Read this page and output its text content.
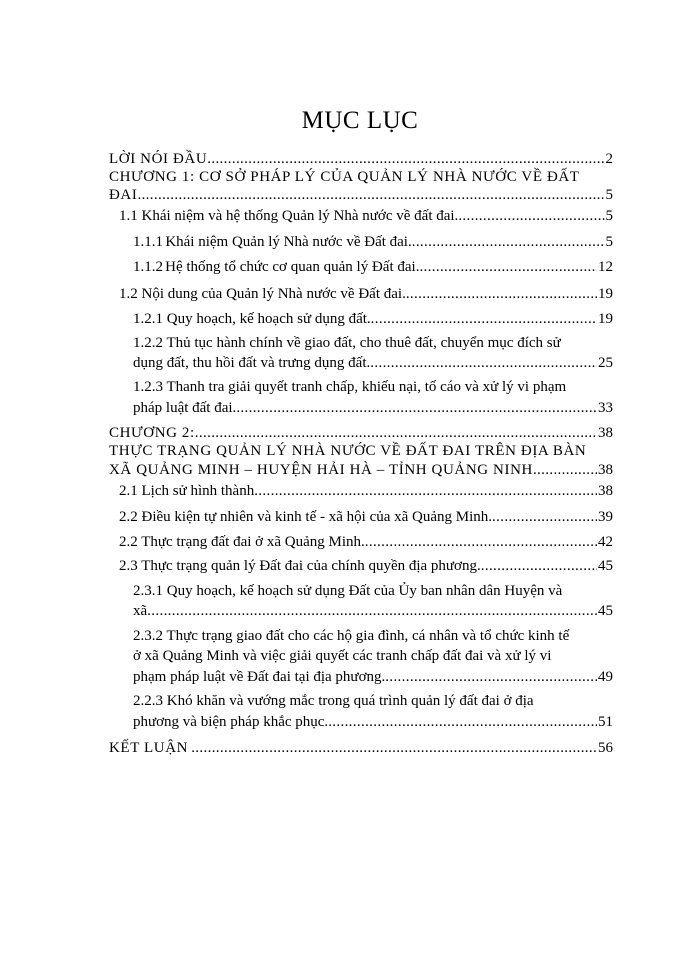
MỤC LỤC
LỜI NÓI ĐẦU .....	2
CHƯƠNG 1: CƠ SỞ PHÁP LÝ CỦA QUẢN LÝ NHÀ NƯỚC VỀ ĐẤT
ĐAI .....	5
1.1 Khái niệm và hệ thống Quản lý Nhà nước về đất đai. .....	5
1.1.1 Khái niệm Quản lý Nhà nước về Đất đai. .....	5
1.1.2 Hệ thống tổ chức cơ quan quản lý Đất đai. .....	12
1.2 Nội dung của Quản lý Nhà nước về Đất đai. .....	19
1.2.1 Quy hoạch, kế hoạch sử dụng đất. .....	19
1.2.2 Thủ tục hành chính về giao đất, cho thuê đất, chuyển mục đích sử
dụng đất, thu hồi đất và trưng dụng đất. .....	25
1.2.3 Thanh tra giải quyết tranh chấp, khiếu nại, tố cáo và xử lý vi phạm
pháp luật đất đai. .....	33
CHƯƠNG 2: .....	38
THỰC TRẠNG QUẢN LÝ NHÀ NƯỚC VỀ ĐẤT ĐAI TRÊN ĐỊA BÀN
XÃ QUẢNG MINH – HUYỆN HẢI HÀ – TỈNH QUẢNG NINH .....	38
2.1 Lịch sử hình thành .....	38
2.2 Điều kiện tự nhiên và kinh tế - xã hội của xã Quảng Minh. .....	39
2.2 Thực trạng đất đai ở xã Quảng Minh. .....	42
2.3 Thực trạng quản lý Đất đai của chính quyền địa phương. .....	45
2.3.1 Quy hoạch, kế hoạch sử dụng Đất của Ủy ban nhân dân Huyện và
xã .....	45
2.3.2 Thực trạng giao đất cho các hộ gia đình, cá nhân và tổ chức kinh tế
ở xã Quảng Minh và việc giải quyết các tranh chấp đất đai và xử lý vi
phạm pháp luật về Đất đai tại địa phương. .....	49
2.2.3 Khó khăn và vướng mắc trong quá trình quản lý đất đai ở địa
phương và biện pháp khắc phục. .....	51
KẾT LUẬN .....	56
